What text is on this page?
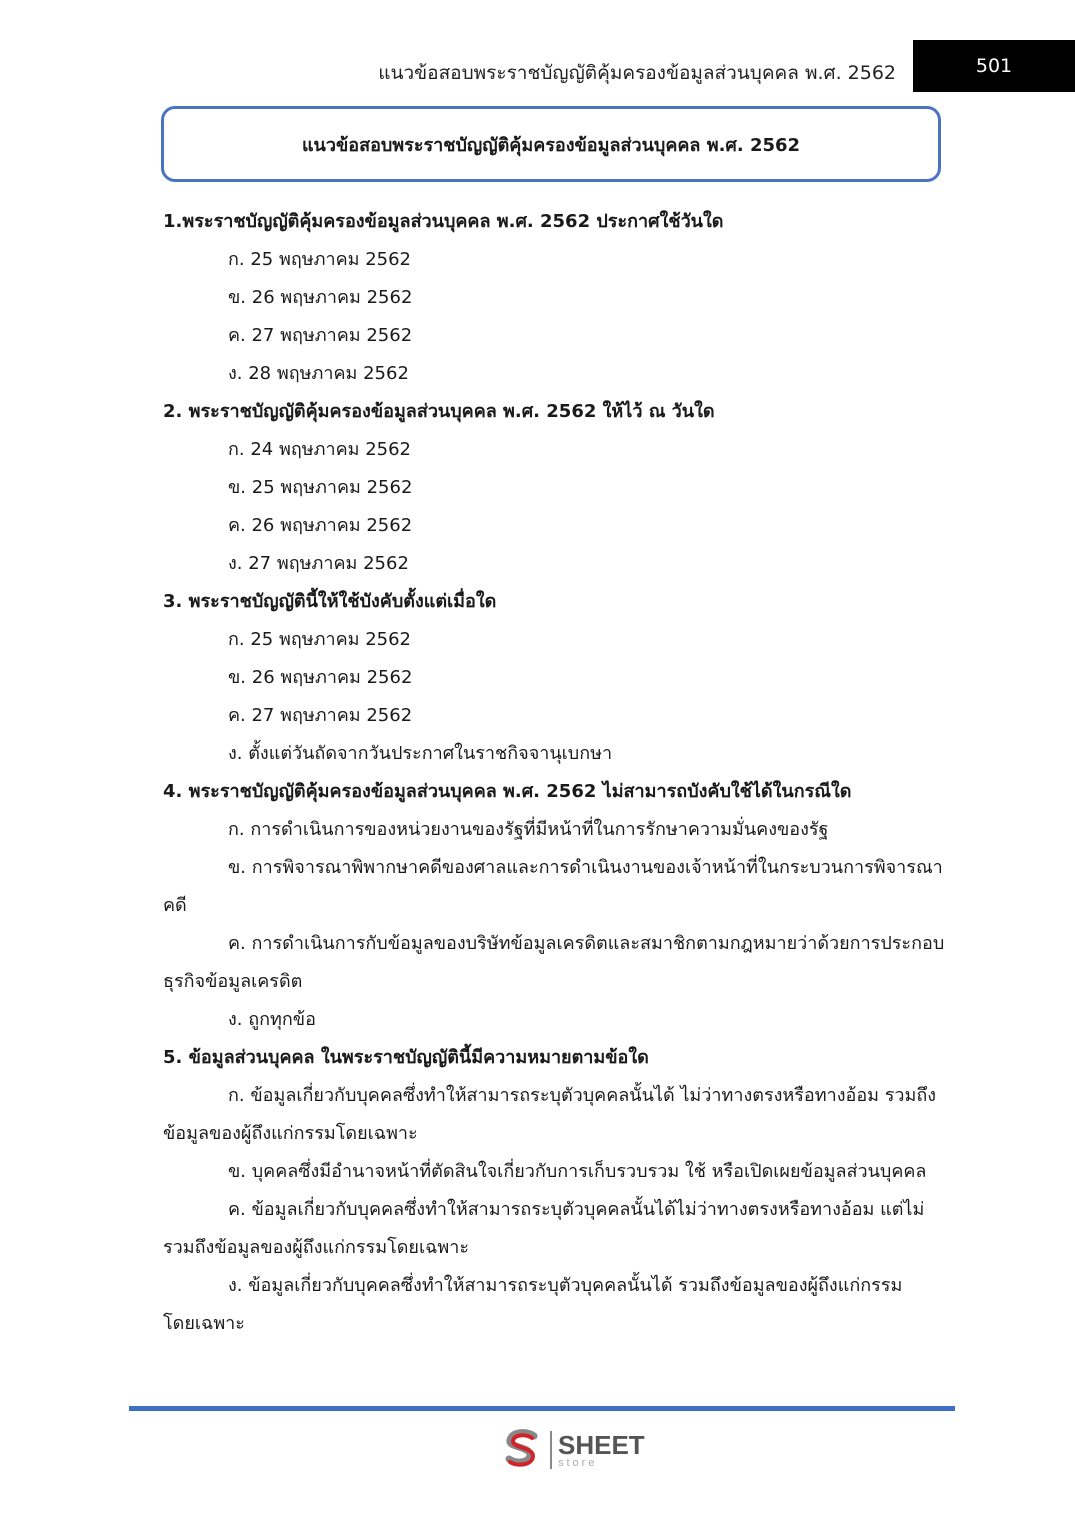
แนวข้อสอบพระราชบัญญัติคุ้มครองข้อมูลส่วนบุคคล พ.ศ. 2562	501
แนวข้อสอบพระราชบัญญัติคุ้มครองข้อมูลส่วนบุคคล พ.ศ. 2562
1.พระราชบัญญัติคุ้มครองข้อมูลส่วนบุคคล พ.ศ. 2562 ประกาศใช้วันใด
ก. 25 พฤษภาคม 2562
ข. 26 พฤษภาคม 2562
ค. 27 พฤษภาคม 2562
ง. 28 พฤษภาคม 2562
2. พระราชบัญญัติคุ้มครองข้อมูลส่วนบุคคล พ.ศ. 2562 ให้ไว้ ณ วันใด
ก. 24 พฤษภาคม 2562
ข. 25 พฤษภาคม 2562
ค. 26 พฤษภาคม 2562
ง. 27 พฤษภาคม 2562
3. พระราชบัญญัตินี้ให้ใช้บังคับตั้งแต่เมื่อใด
ก. 25 พฤษภาคม 2562
ข. 26 พฤษภาคม 2562
ค. 27 พฤษภาคม 2562
ง. ตั้งแต่วันถัดจากวันประกาศในราชกิจจานุเบกษา
4. พระราชบัญญัติคุ้มครองข้อมูลส่วนบุคคล พ.ศ. 2562 ไม่สามารถบังคับใช้ได้ในกรณีใด
ก. การดำเนินการของหน่วยงานของรัฐที่มีหน้าที่ในการรักษาความมั่นคงของรัฐ
ข. การพิจารณาพิพากษาคดีของศาลและการดำเนินงานของเจ้าหน้าที่ในกระบวนการพิจารณา
คดี
ค. การดำเนินการกับข้อมูลของบริษัทข้อมูลเครดิตและสมาชิกตามกฎหมายว่าด้วยการประกอบ
ธุรกิจข้อมูลเครดิต
ง. ถูกทุกข้อ
5. ข้อมูลส่วนบุคคล ในพระราชบัญญัตินี้มีความหมายตามข้อใด
ก. ข้อมูลเกี่ยวกับบุคคลซึ่งทำให้สามารถระบุตัวบุคคลนั้นได้ ไม่ว่าทางตรงหรือทางอ้อม รวมถึง
ข้อมูลของผู้ถึงแก่กรรมโดยเฉพาะ
ข. บุคคลซึ่งมีอำนาจหน้าที่ตัดสินใจเกี่ยวกับการเก็บรวบรวม ใช้ หรือเปิดเผยข้อมูลส่วนบุคคล
ค. ข้อมูลเกี่ยวกับบุคคลซึ่งทำให้สามารถระบุตัวบุคคลนั้นได้ไม่ว่าทางตรงหรือทางอ้อม แต่ไม่
รวมถึงข้อมูลของผู้ถึงแก่กรรมโดยเฉพาะ
ง. ข้อมูลเกี่ยวกับบุคคลซึ่งทำให้สามารถระบุตัวบุคคลนั้นได้ รวมถึงข้อมูลของผู้ถึงแก่กรรม
โดยเฉพาะ
SHEET
store
